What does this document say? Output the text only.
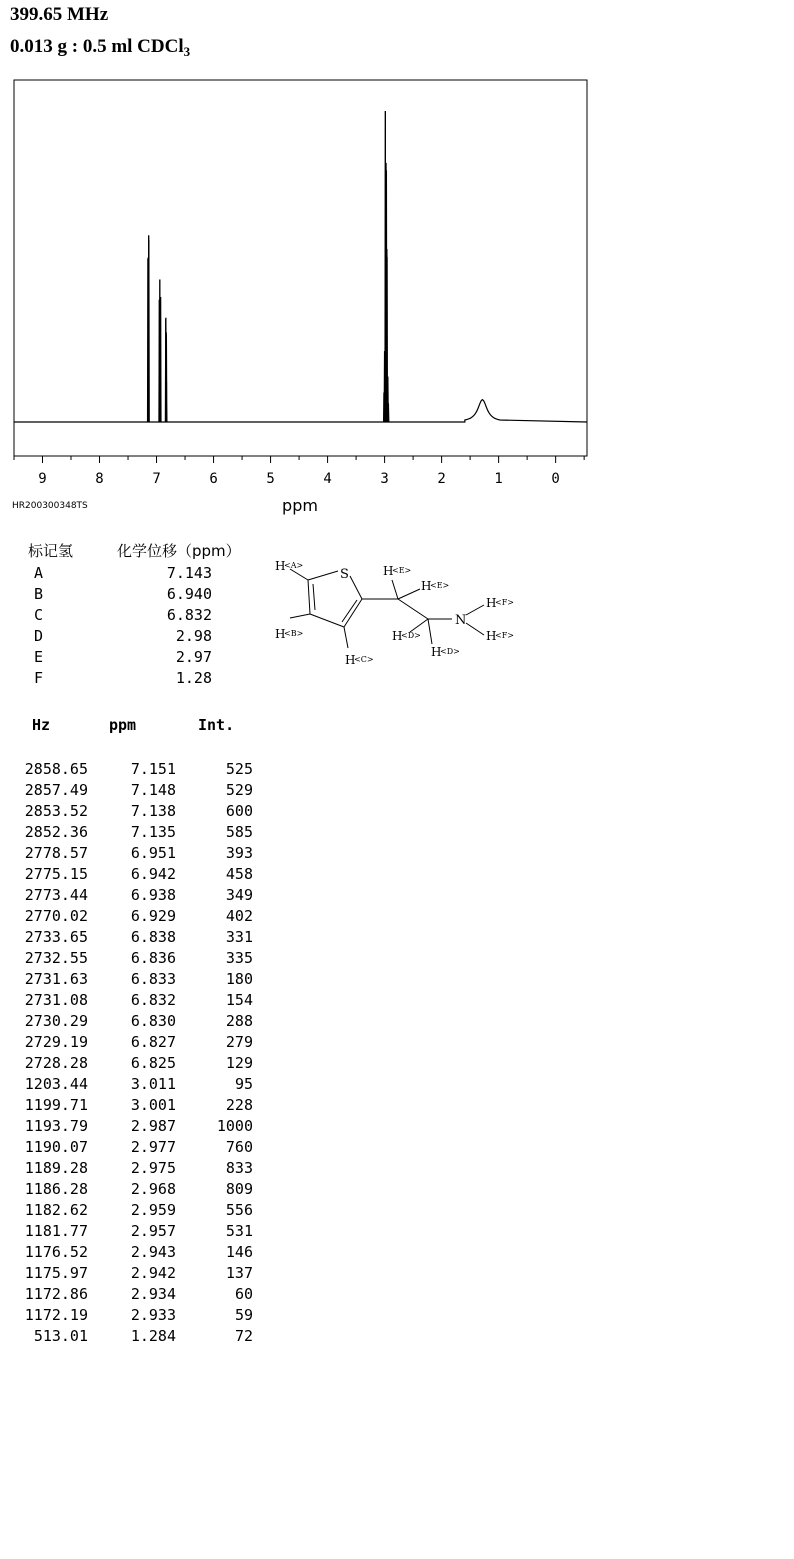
399.65 MHz
0.013 g : 0.5 ml CDCl$_3$
9	8	7	6	5	4	3	2	1	0
ppm
HR200300348TS
标记氢	化学位移（ppm）
A	7.143
B	6.940
C	6.832
D	2.98
E	2.97
F	1.28
S
N
H
<A>
H
<B>
H
<C>
H
<E>
H
<E>
H
<D>
H
<D>
H
<F>
H
<F>
Hz	ppm	Int.
2858.65	7.151	525
2857.49	7.148	529
2853.52	7.138	600
2852.36	7.135	585
2778.57	6.951	393
2775.15	6.942	458
2773.44	6.938	349
2770.02	6.929	402
2733.65	6.838	331
2732.55	6.836	335
2731.63	6.833	180
2731.08	6.832	154
2730.29	6.830	288
2729.19	6.827	279
2728.28	6.825	129
1203.44	3.011	95
1199.71	3.001	228
1193.79	2.987	1000
1190.07	2.977	760
1189.28	2.975	833
1186.28	2.968	809
1182.62	2.959	556
1181.77	2.957	531
1176.52	2.943	146
1175.97	2.942	137
1172.86	2.934	60
1172.19	2.933	59
513.01	1.284	72
